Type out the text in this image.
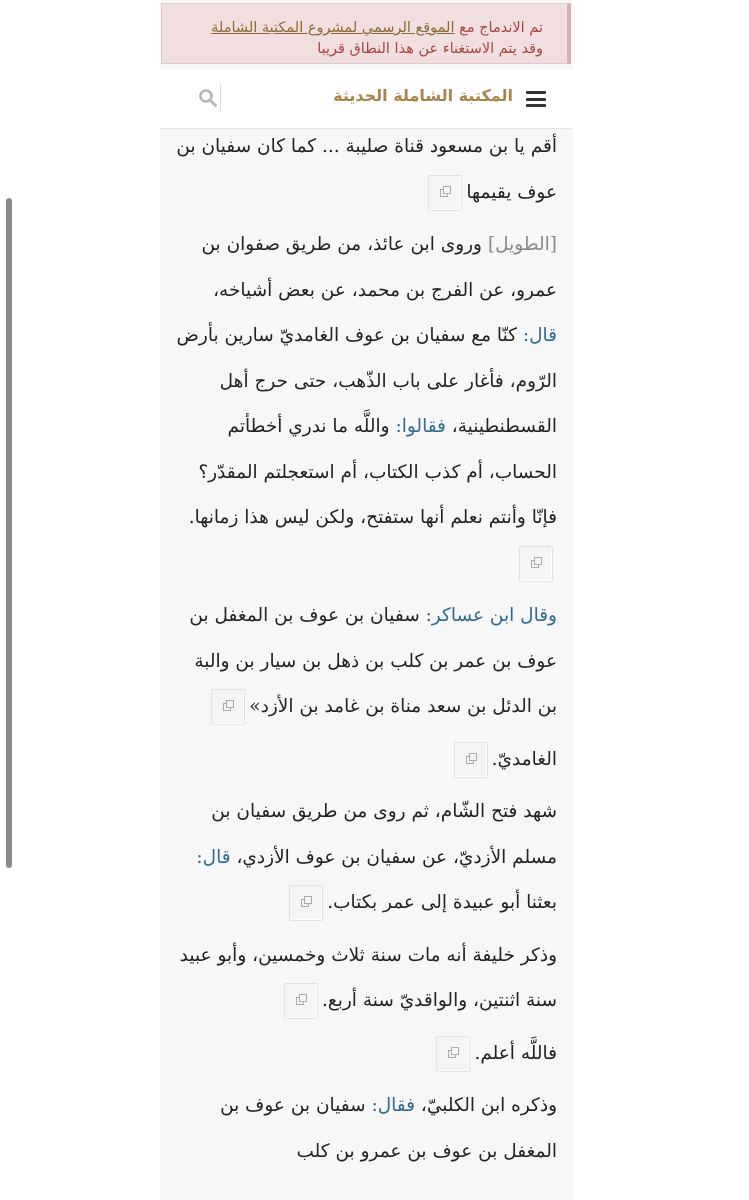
تم الاندماج مع الموقع الرسمي لمشروع المكتبة الشاملة
وقد يتم الاستغناء عن هذا النطاق قريبا
المكتبة الشاملة الحديثة

أقم يا بن مسعود قناة صليبة ... كما كان سفيان بن عوف يقيمها

[الطويل] وروى ابن عائذ، من طريق صفوان بن عمرو، عن الفرج بن محمد، عن بعض أشياخه، قال: كنّا مع سفيان بن عوف الغامديّ سارين بأرض الرّوم، فأغار على باب الذّهب، حتى حرج أهل القسطنطينية، فقالوا: واللَّه ما ندري أخطأتم الحساب، أم كذب الكتاب، أم استعجلتم المقدّر؟ فإنّا وأنتم نعلم أنها ستفتح، ولكن ليس هذا زمانها.

وقال ابن عساكر: سفيان بن عوف بن المغفل بن عوف بن عمر بن كلب بن ذهل بن سيار بن والبة بن الدئل بن سعد مناة بن غامد بن الأزد»

الغامديّ.

شهد فتح الشّام، ثم روى من طريق سفيان بن مسلم الأزديّ، عن سفيان بن عوف الأزدي، قال: بعثنا أبو عبيدة إلى عمر بكتاب.

وذكر خليفة أنه مات سنة ثلاث وخمسين، وأبو عبيد سنة اثنتين، والواقديّ سنة أربع.

فاللَّه أعلم.

وذكره ابن الكلبيّ، فقال: سفيان بن عوف بن المغفل بن عوف بن عمرو بن كلب
